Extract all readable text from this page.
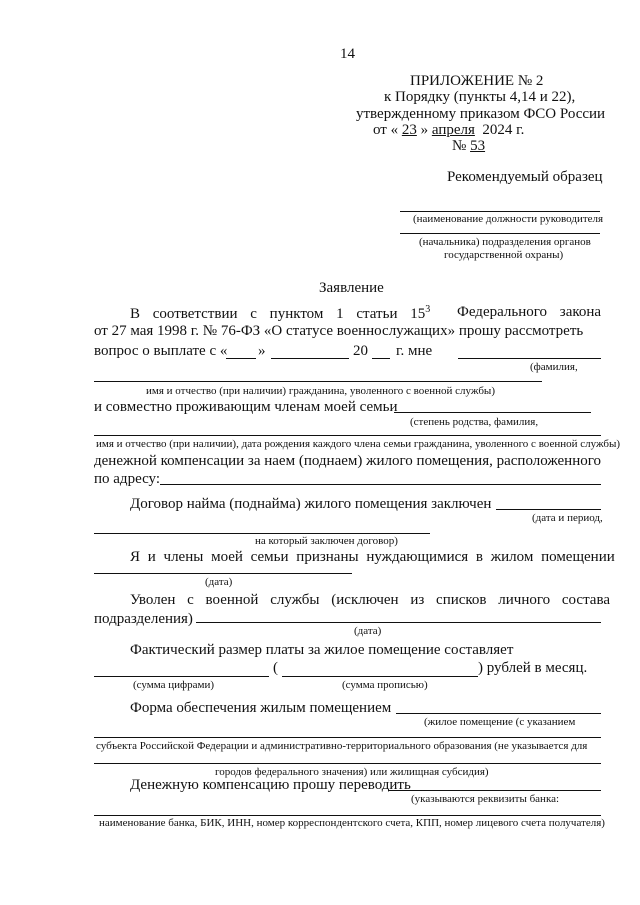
14
ПРИЛОЖЕНИЕ № 2
к Порядку (пункты 4,14 и 22),
утвержденному приказом ФСО России
от « 23 » апреля 2024 г.
№ 53
Рекомендуемый образец
(наименование должности руководителя
(начальника) подразделения органов
государственной охраны)
Заявление
В соответствии с пунктом 1 статьи $15^3$ Федерального закона
от 27 мая 1998 г. № 76-ФЗ «О статусе военнослужащих» прошу рассмотреть
вопрос о выплате с « »	20 г. мне
(фамилия,
имя и отчество (при наличии) гражданина, уволенного с военной службы)
и совместно проживающим членам моей семьи
(степень родства, фамилия,
имя и отчество (при наличии), дата рождения каждого члена семьи гражданина, уволенного с военной службы)
денежной компенсации за наем (поднаем) жилого помещения, расположенного
по адресу:
Договор найма (поднайма) жилого помещения заключен
(дата и период,
на который заключен договор)
Я и члены моей семьи признаны нуждающимися в жилом помещении
(дата)
Уволен с военной службы (исключен из списков личного состава
подразделения)
(дата)
Фактический размер платы за жилое помещение составляет
(	) рублей в месяц.
(сумма цифрами)	(сумма прописью)
Форма обеспечения жилым помещением
(жилое помещение (с указанием
субъекта Российской Федерации и административно-территориального образования (не указывается для
городов федерального значения) или жилищная субсидия)
Денежную компенсацию прошу переводить
(указываются реквизиты банка:
наименование банка, БИК, ИНН, номер корреспондентского счета, КПП, номер лицевого счета получателя)
